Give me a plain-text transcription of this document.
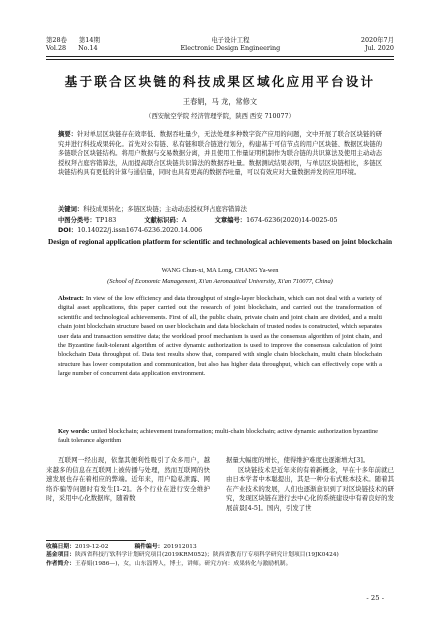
第28卷 第14期
Vol.28 No.14
电子设计工程
Electronic Design Engineering
2020年7月
Jul. 2020
基于联合区块链的科技成果区域化应用平台设计
王春娟，马 龙，常修文
（西安航空学院 经济管理学院，陕西 西安 710077）
摘要：针对单层区块链存在效率低、数据吞吐量少，无法处理多种数字资产应用的问题，文中开展了联合区块链的研究并进行科技成果转化。首先对公有链、私有链和联合链进行划分，构建基于可信节点的用户区块链、数据区块链的多链联合区块链结构。将用户数据与交易数据分离，并且使用工作量证明机制作为联合链的共识算法及使用主动动态授权拜占庭容错算法，从而提高联合区块链共识算法的数据吞吐量。数据测试结果表明，与单层区块链相比，多链区块链结构具有更低的计算与通信量，同时也具有更高的数据吞吐量，可以有效应对大量数据并发的应用环境。
关键词：科技成果转化；多链区块链；主动动态授权拜占庭容错算法
中图分类号：TP183	文献标识码：A	文章编号：1674-6236(2020)14-0025-05
DOI：10.14022/j.issn1674-6236.2020.14.006
Design of regional application platform for scientific and technological achievements based on joint blockchain
WANG Chun-xi, MA Long, CHANG Ya-wen
(School of Economic Management, Xi'an Aeronautical University, Xi'an 710077, China)
Abstract: In view of the low efficiency and data throughput of single-layer blockchain, which can not deal with a variety of digital asset applications, this paper carried out the research of joint blockchain, and carried out the transformation of scientific and technological achievements. First of all, the public chain, private chain and joint chain are divided, and a multi chain joint blockchain structure based on user blockchain and data blockchain of trusted nodes is constructed, which separates user data and transaction sensitive data; the workload proof mechanism is used as the consensus algorithm of joint chain, and the Byzantine fault-tolerant algorithm of active dynamic authorization is used to improve the consensus calculation of joint blockchain Data throughput of. Data test results show that, compared with single chain blockchain, multi chain blockchain structure has lower computation and communication, but also has higher data throughput, which can effectively cope with a large number of concurrent data application environment.
Key words: united blockchain; achievement transformation; multi-chain blockchain; active dynamic authorization byzantine fault tolerance algorithm

互联网一经出现，依靠其便利性吸引了众多用户，越来越多的信息在互联网上被传播与处理，然而互联网的快速发展也存在着相应的弊端。近年来，用户隐私泄露、网络诈骗等问题时有发生[1-2]。各个行业在进行安全维护时，采用中心化数据库，随着数

据量大幅度的增长，使得维护难度也逐渐增大[3]。

区块链技术是近年来的有着新概念，早在十多年前就已由日本学者中本聪提出，其是一种分布式账本技术。随着其在产业技术的发展，人们也逐渐意识到了对区块链技术的研究，发现区块链在进行去中心化的系统建设中有着良好的发展前景[4-5]。国内，引发了世

收稿日期：2019-12-02	稿件编号：201912013
基金项目：陕西省科技厅软科学计划研究项目(2019KRM052)；陕西省教育厅专项科学研究计划项目(19JK0424)
作者简介：王春娟(1986—)，女，山东淄博人，博士，讲师。研究方向：成果转化与激励机制。
- 25 -
